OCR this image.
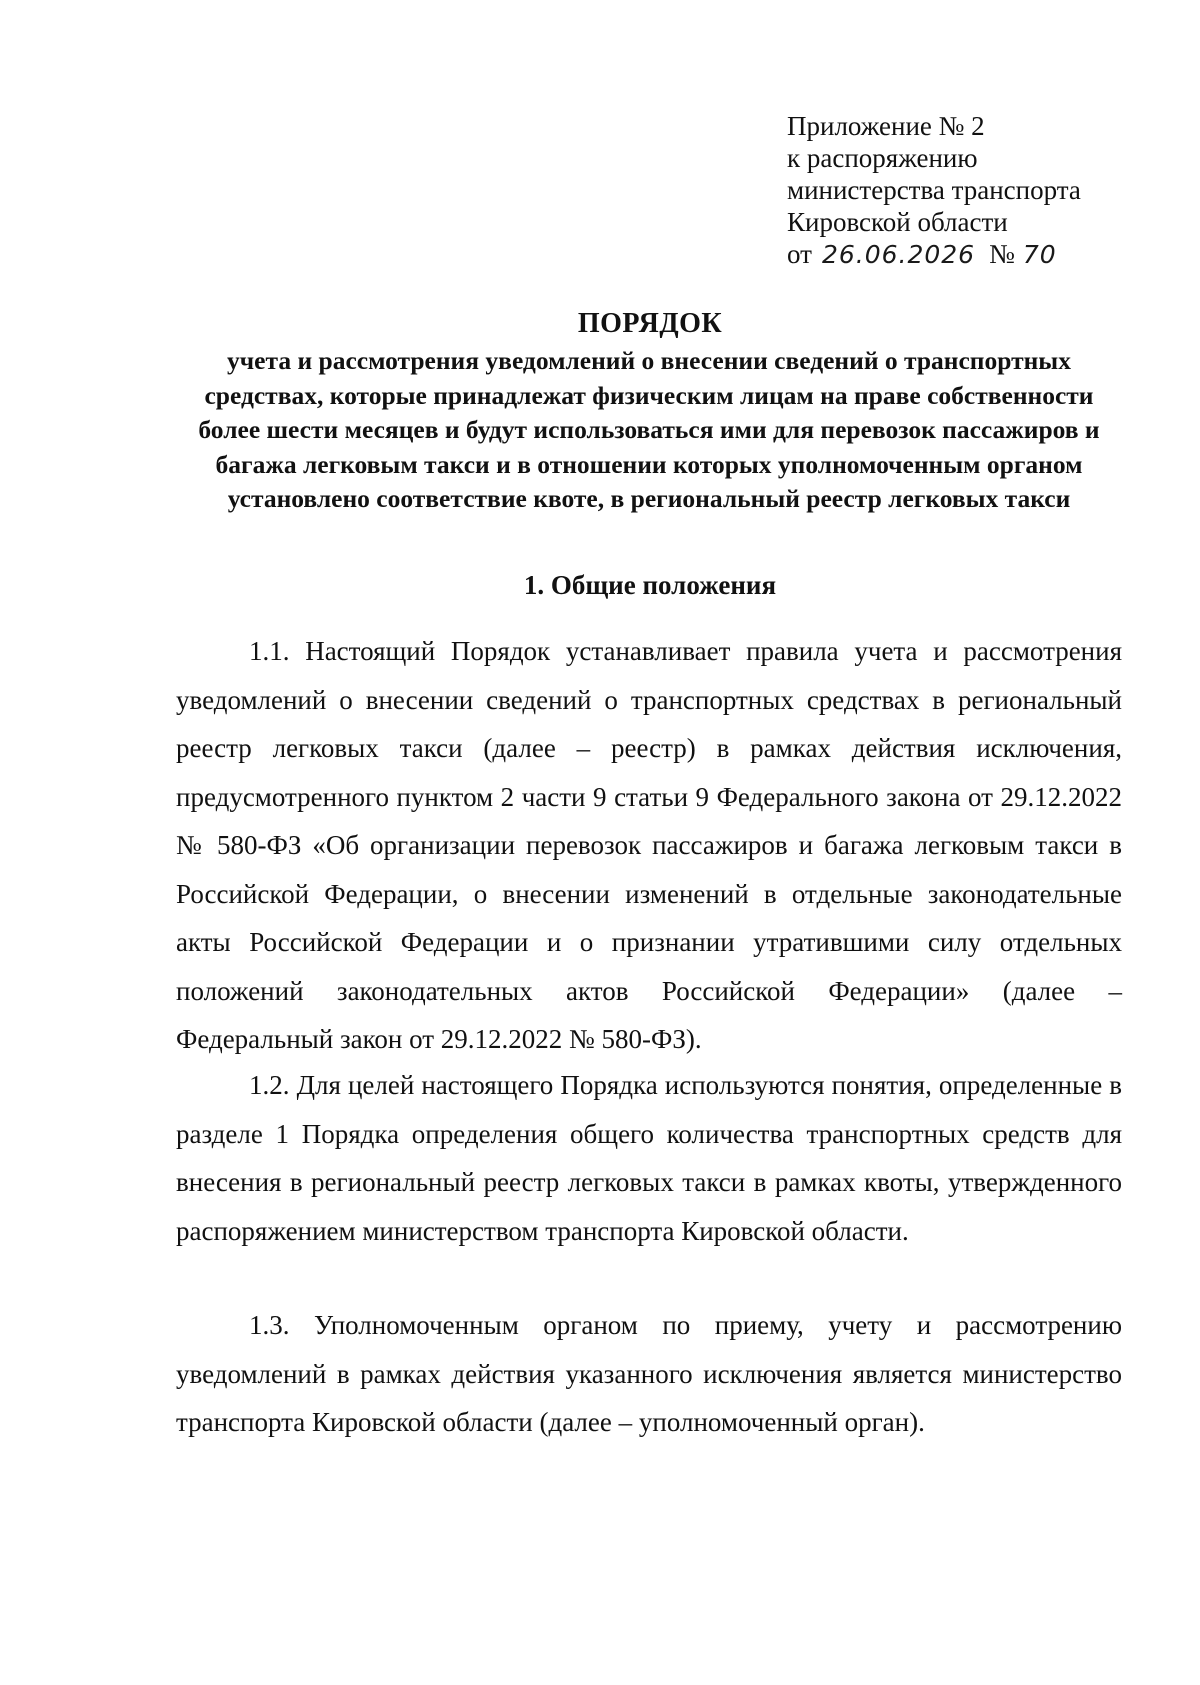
Приложение № 2
к распоряжению
министерства транспорта
Кировской области
от 26.06.2026 № 70
ПОРЯДОК
учета и рассмотрения уведомлений о внесении сведений о транспортных средствах, которые принадлежат физическим лицам на праве собственности более шести месяцев и будут использоваться ими для перевозок пассажиров и багажа легковым такси и в отношении которых уполномоченным органом установлено соответствие квоте, в региональный реестр легковых такси
1. Общие положения
1.1. Настоящий Порядок устанавливает правила учета и рассмотрения уведомлений о внесении сведений о транспортных средствах в региональный реестр легковых такси (далее – реестр) в рамках действия исключения, предусмотренного пунктом 2 части 9 статьи 9 Федерального закона от 29.12.2022 № 580-ФЗ «Об организации перевозок пассажиров и багажа легковым такси в Российской Федерации, о внесении изменений в отдельные законодательные акты Российской Федерации и о признании утратившими силу отдельных положений законодательных актов Российской Федерации» (далее – Федеральный закон от 29.12.2022 № 580-ФЗ).
1.2. Для целей настоящего Порядка используются понятия, определенные в разделе 1 Порядка определения общего количества транспортных средств для внесения в региональный реестр легковых такси в рамках квоты, утвержденного распоряжением министерством транспорта Кировской области.
1.3. Уполномоченным органом по приему, учету и рассмотрению уведомлений в рамках действия указанного исключения является министерство транспорта Кировской области (далее – уполномоченный орган).
